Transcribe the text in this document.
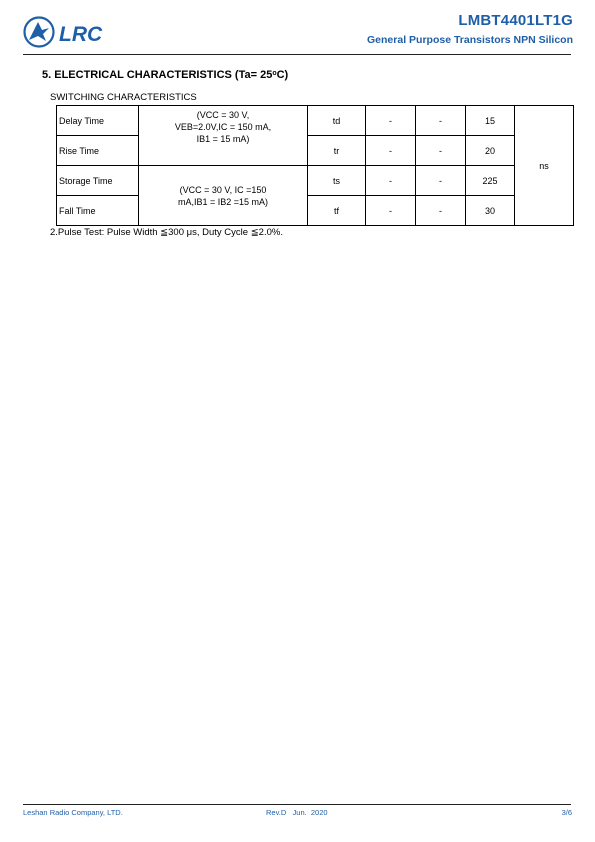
LRC
LMBT4401LT1G
General Purpose Transistors NPN Silicon
5. ELECTRICAL CHARACTERISTICS $(Ta= 25^oC)$
SWITCHING CHARACTERISTICS
Delay Time	(VCC = 30 V,
VEB=2.0V,IC = 150 mA,
IB1 = 15 mA)	td	-	-	15	ns
Rise Time		tr	-	-	20	
Storage Time	(VCC = 30 V, IC =150
mA,IB1 = IB2 =15 mA)	ts	-	-	225	
Fall Time		tf	-	-	30	
2.Pulse Test: Pulse Width ≦300 μs, Duty Cycle ≦2.0%.
Leshan Radio Company, LTD.	Rev.D   Jun.  2020	3/6
